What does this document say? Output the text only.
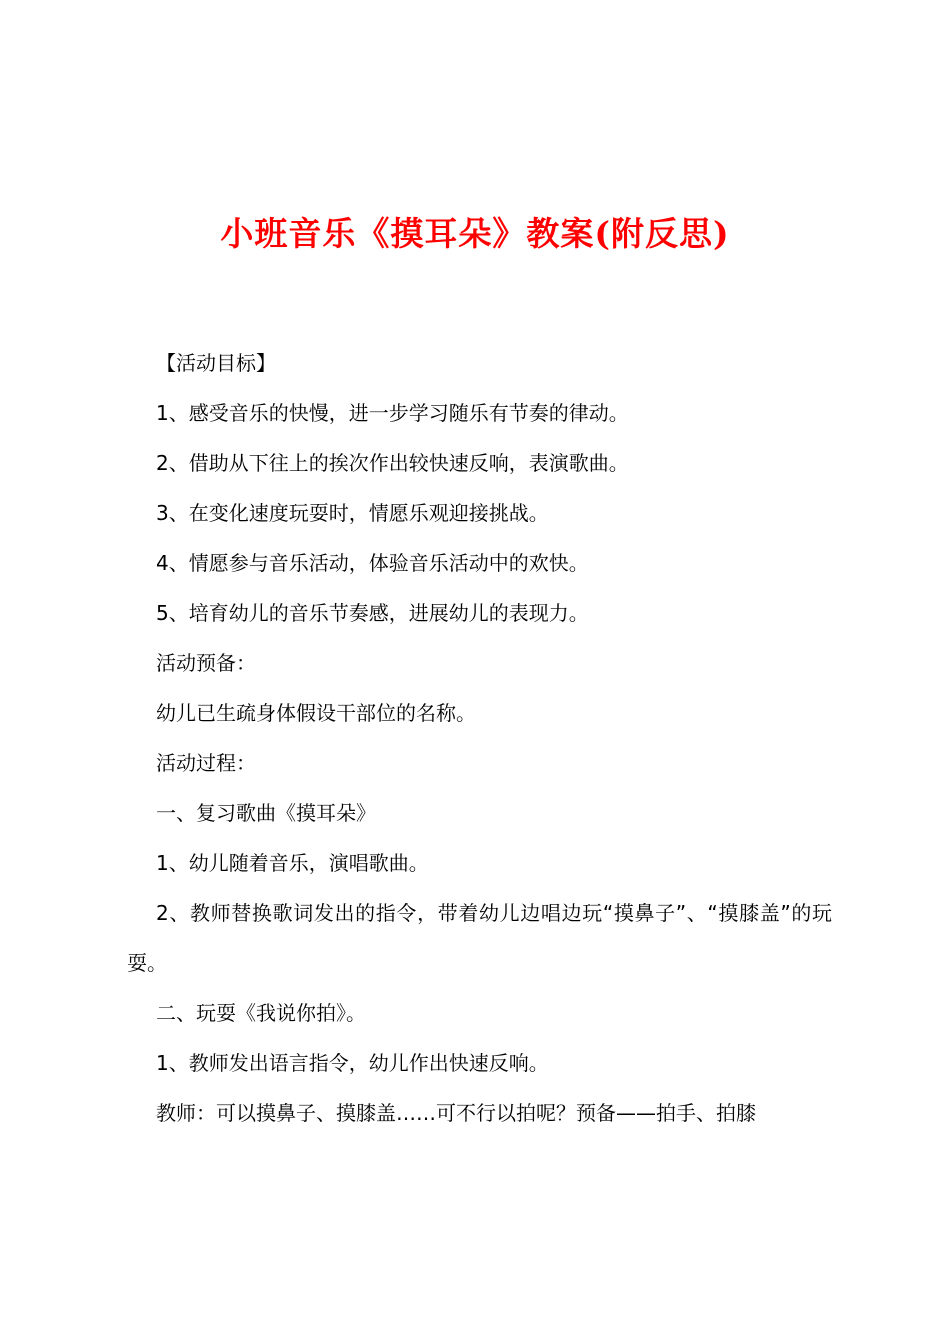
小班音乐《摸耳朵》教案(附反思)

【活动目标】

1、感受音乐的快慢，进一步学习随乐有节奏的律动。

2、借助从下往上的挨次作出较快速反响，表演歌曲。

3、在变化速度玩耍时，情愿乐观迎接挑战。

4、情愿参与音乐活动，体验音乐活动中的欢快。

5、培育幼儿的音乐节奏感，进展幼儿的表现力。

活动预备：

幼儿已生疏身体假设干部位的名称。

活动过程：

一、复习歌曲《摸耳朵》

1、幼儿随着音乐，演唱歌曲。

2、教师替换歌词发出的指令，带着幼儿边唱边玩“摸鼻子”、“摸膝盖”的玩耍。

二、玩耍《我说你拍》。

1、教师发出语言指令，幼儿作出快速反响。

教师：可以摸鼻子、摸膝盖……可不行以拍呢？预备——拍手、拍膝
